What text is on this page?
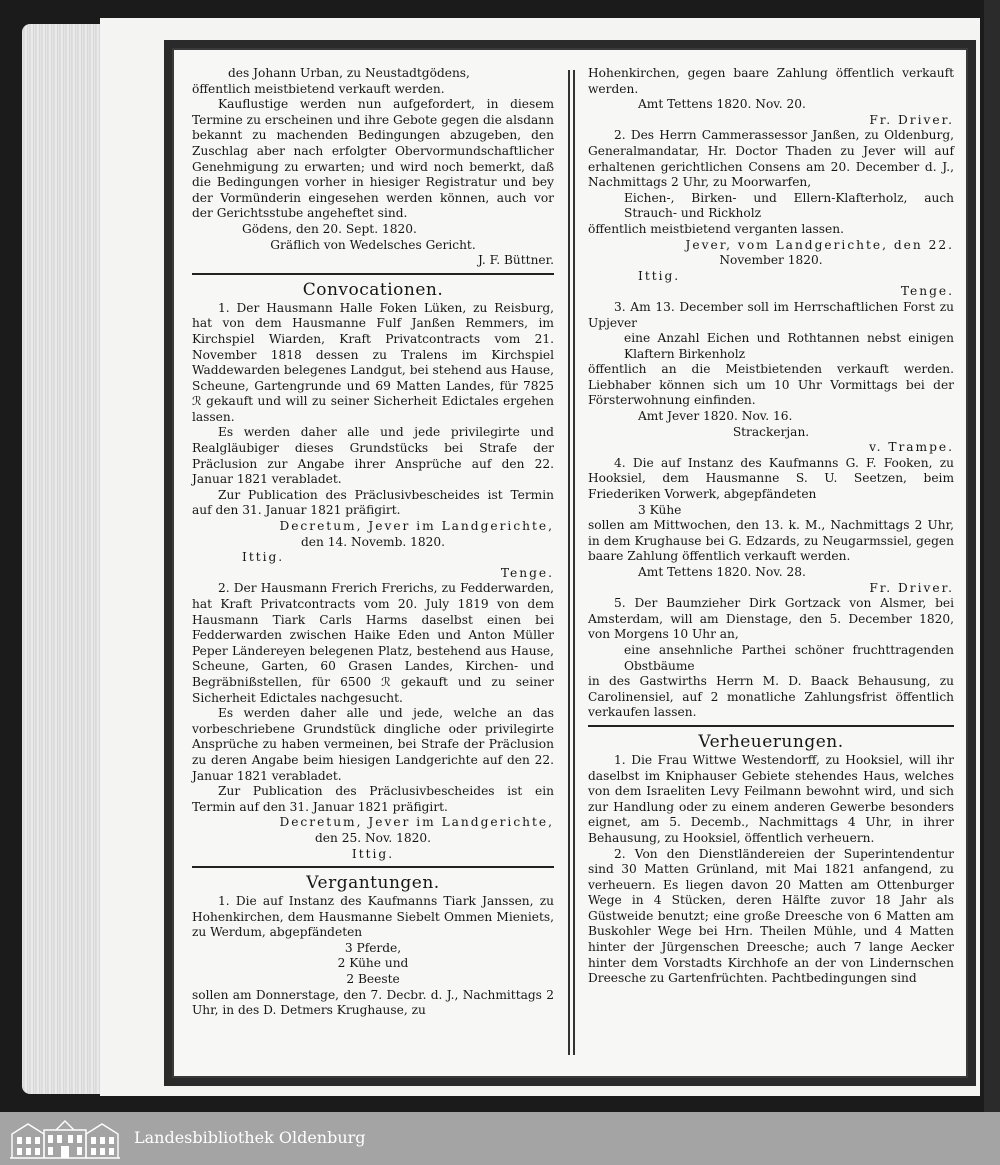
des Johann Urban, zu Neustadtgödens,

öffentlich meistbietend verkauft werden.

Kauflustige werden nun aufgefordert, in diesem Termine zu erscheinen und ihre Gebote gegen die alsdann bekannt zu machenden Bedingungen abzugeben, den Zuschlag aber nach erfolgter Obervormundschaftlicher Genehmigung zu erwarten; und wird noch bemerkt, daß die Bedingungen vorher in hiesiger Registratur und bey der Vormünderin eingesehen werden können, auch vor der Gerichtsstube angeheftet sind.

Gödens, den 20. Sept. 1820.

Gräflich von Wedelsches Gericht.

J. F. Büttner.

Convocationen.

1. Der Hausmann Halle Foken Lüken, zu Reisburg, hat von dem Hausmanne Fulf Janßen Remmers, im Kirchspiel Wiarden, Kraft Privatcontracts vom 21. November 1818 dessen zu Tralens im Kirchspiel Waddewarden belegenes Landgut, bei stehend aus Hause, Scheune, Gartengrunde und 69 Matten Landes, für 7825 ℛ gekauft und will zu seiner Sicherheit Edictales ergehen lassen.

Es werden daher alle und jede privilegirte und Realgläubiger dieses Grundstücks bei Strafe der Präclusion zur Angabe ihrer Ansprüche auf den 22. Januar 1821 verabladet.

Zur Publication des Präclusivbescheides ist Termin auf den 31. Januar 1821 präfigirt.

Decretum, Jever im Landgerichte,

den 14. Novemb. 1820.

Ittig.

Tenge.

2. Der Hausmann Frerich Frerichs, zu Fedderwarden, hat Kraft Privatcontracts vom 20. July 1819 von dem Hausmann Tiark Carls Harms daselbst einen bei Fedderwarden zwischen Haike Eden und Anton Müller Peper Ländereyen belegenen Platz, bestehend aus Hause, Scheune, Garten, 60 Grasen Landes, Kirchen- und Begräbnißstellen, für 6500 ℛ gekauft und zu seiner Sicherheit Edictales nachgesucht.

Es werden daher alle und jede, welche an das vorbeschriebene Grundstück dingliche oder privilegirte Ansprüche zu haben vermeinen, bei Strafe der Präclusion zu deren Angabe beim hiesigen Landgerichte auf den 22. Januar 1821 verabladet.

Zur Publication des Präclusivbescheides ist ein Termin auf den 31. Januar 1821 präfigirt.

Decretum, Jever im Landgerichte,

den 25. Nov. 1820.

Ittig.

Vergantungen.

1. Die auf Instanz des Kaufmanns Tiark Janssen, zu Hohenkirchen, dem Hausmanne Siebelt Ommen Mieniets, zu Werdum, abgepfändeten

3 Pferde,

2 Kühe und

2 Beeste

sollen am Donnerstage, den 7. Decbr. d. J., Nachmittags 2 Uhr, in des D. Detmers Krughause, zu

Hohenkirchen, gegen baare Zahlung öffentlich verkauft werden.

Amt Tettens 1820. Nov. 20.

Fr. Driver.

2. Des Herrn Cammerassessor Janßen, zu Oldenburg, Generalmandatar, Hr. Doctor Thaden zu Jever will auf erhaltenen gerichtlichen Consens am 20. December d. J., Nachmittags 2 Uhr, zu Moorwarfen,

Eichen-, Birken- und Ellern-Klafterholz, auch Strauch- und Rickholz

öffentlich meistbietend verganten lassen.

Jever, vom Landgerichte, den 22.

November 1820.

Ittig.

Tenge.

3. Am 13. December soll im Herrschaftlichen Forst zu Upjever

eine Anzahl Eichen und Rothtannen nebst einigen Klaftern Birkenholz

öffentlich an die Meistbietenden verkauft werden. Liebhaber können sich um 10 Uhr Vormittags bei der Försterwohnung einfinden.

Amt Jever 1820. Nov. 16.

Strackerjan.

v. Trampe.

4. Die auf Instanz des Kaufmanns G. F. Fooken, zu Hooksiel, dem Hausmanne S. U. Seetzen, beim Friederiken Vorwerk, abgepfändeten

3 Kühe

sollen am Mittwochen, den 13. k. M., Nachmittags 2 Uhr, in dem Krughause bei G. Edzards, zu Neugarmssiel, gegen baare Zahlung öffentlich verkauft werden.

Amt Tettens 1820. Nov. 28.

Fr. Driver.

5. Der Baumzieher Dirk Gortzack von Alsmer, bei Amsterdam, will am Dienstage, den 5. December 1820, von Morgens 10 Uhr an,

eine ansehnliche Parthei schöner fruchttragenden Obstbäume

in des Gastwirths Herrn M. D. Baack Behausung, zu Carolinensiel, auf 2 monatliche Zahlungsfrist öffentlich verkaufen lassen.

Verheuerungen.

1. Die Frau Wittwe Westendorff, zu Hooksiel, will ihr daselbst im Kniphauser Gebiete stehendes Haus, welches von dem Israeliten Levy Feilmann bewohnt wird, und sich zur Handlung oder zu einem anderen Gewerbe besonders eignet, am 5. Decemb., Nachmittags 4 Uhr, in ihrer Behausung, zu Hooksiel, öffentlich verheuern.

2. Von den Dienstländereien der Superintendentur sind 30 Matten Grünland, mit Mai 1821 anfangend, zu verheuern. Es liegen davon 20 Matten am Ottenburger Wege in 4 Stücken, deren Hälfte zuvor 18 Jahr als Güstweide benutzt; eine große Dreesche von 6 Matten am Buskohler Wege bei Hrn. Theilen Mühle, und 4 Matten hinter der Jürgenschen Dreesche; auch 7 lange Aecker hinter dem Vorstadts Kirchhofe an der von Lindernschen Dreesche zu Gartenfrüchten. Pachtbedingungen sind

Landesbibliothek Oldenburg
